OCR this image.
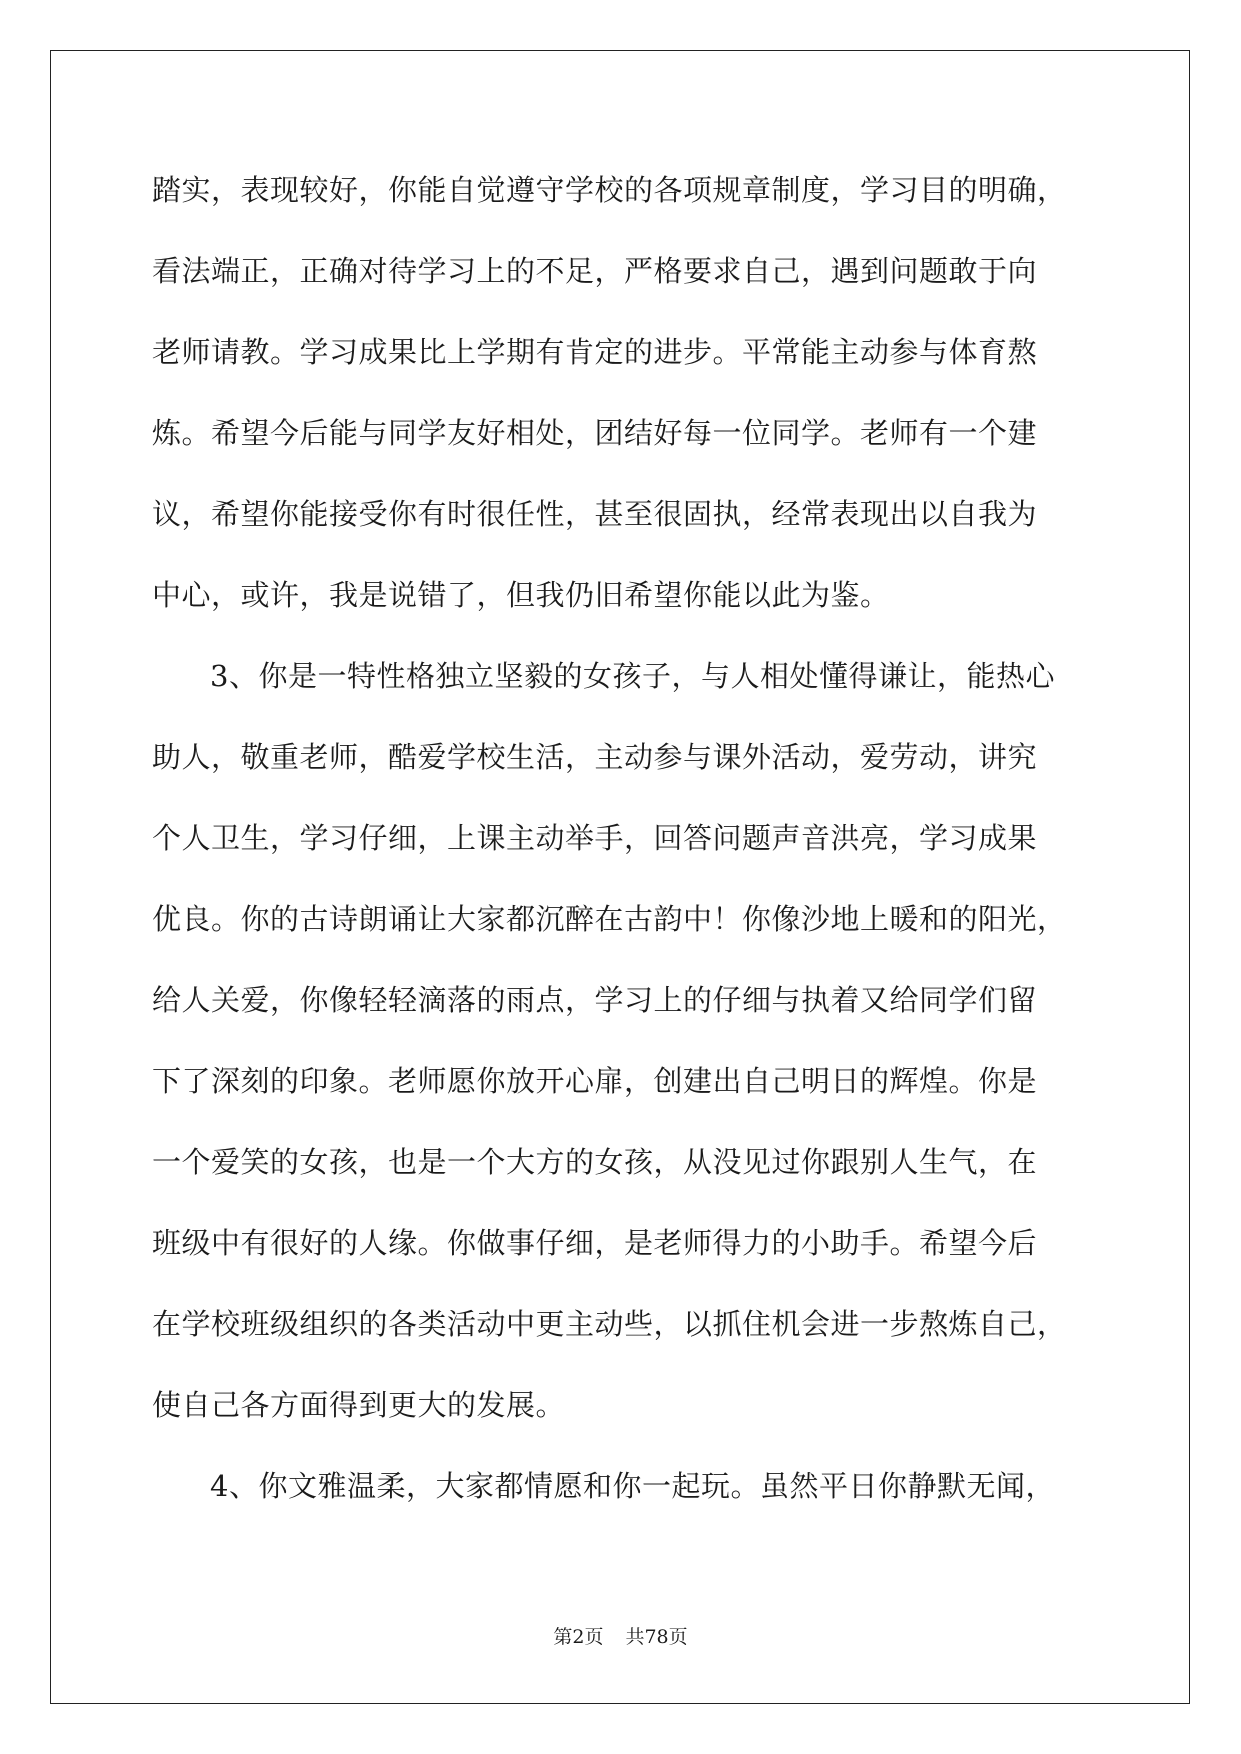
踏实，表现较好，你能自觉遵守学校的各项规章制度，学习目的明确，
看法端正，正确对待学习上的不足，严格要求自己，遇到问题敢于向
老师请教。学习成果比上学期有肯定的进步。平常能主动参与体育熬
炼。希望今后能与同学友好相处，团结好每一位同学。老师有一个建
议，希望你能接受你有时很任性，甚至很固执，经常表现出以自我为
中心，或许，我是说错了，但我仍旧希望你能以此为鉴。
3、你是一特性格独立坚毅的女孩子，与人相处懂得谦让，能热心
助人，敬重老师，酷爱学校生活，主动参与课外活动，爱劳动，讲究
个人卫生，学习仔细，上课主动举手，回答问题声音洪亮，学习成果
优良。你的古诗朗诵让大家都沉醉在古韵中！你像沙地上暖和的阳光，
给人关爱，你像轻轻滴落的雨点，学习上的仔细与执着又给同学们留
下了深刻的印象。老师愿你放开心扉，创建出自己明日的辉煌。你是
一个爱笑的女孩，也是一个大方的女孩，从没见过你跟别人生气，在
班级中有很好的人缘。你做事仔细，是老师得力的小助手。希望今后
在学校班级组织的各类活动中更主动些，以抓住机会进一步熬炼自己，
使自己各方面得到更大的发展。
4、你文雅温柔，大家都情愿和你一起玩。虽然平日你静默无闻，
第2页 共78页
